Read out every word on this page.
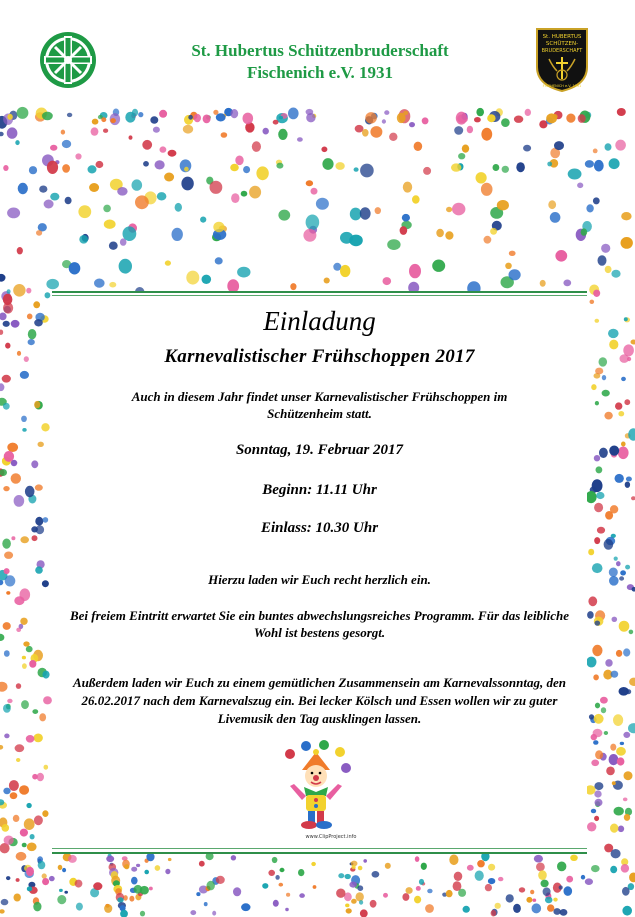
St. HUBERTUS
SCHÜTZEN-
BRUDERSCHAFT
FISCHENICH e.V. 1931
St. Hubertus Schützenbruderschaft
Fischenich e.V. 1931
Einladung
Karnevalistischer Frühschoppen 2017
Auch in diesem Jahr findet unser Karnevalistischer Frühschoppen im Schützenheim statt.
Sonntag, 19. Februar 2017
Beginn: 11.11 Uhr
Einlass: 10.30 Uhr
Hierzu laden wir Euch recht herzlich ein.
Bei freiem Eintritt erwartet Sie ein buntes abwechslungsreiches Programm. Für das leibliche Wohl ist bestens gesorgt.
Außerdem laden wir Euch zu einem gemütlichen Zusammensein am Karnevalssonntag, den 26.02.2017 nach dem Karnevalszug ein. Bei lecker Kölsch und Essen wollen wir zu guter Livemusik den Tag ausklingen lassen.
www.ClipProject.info
